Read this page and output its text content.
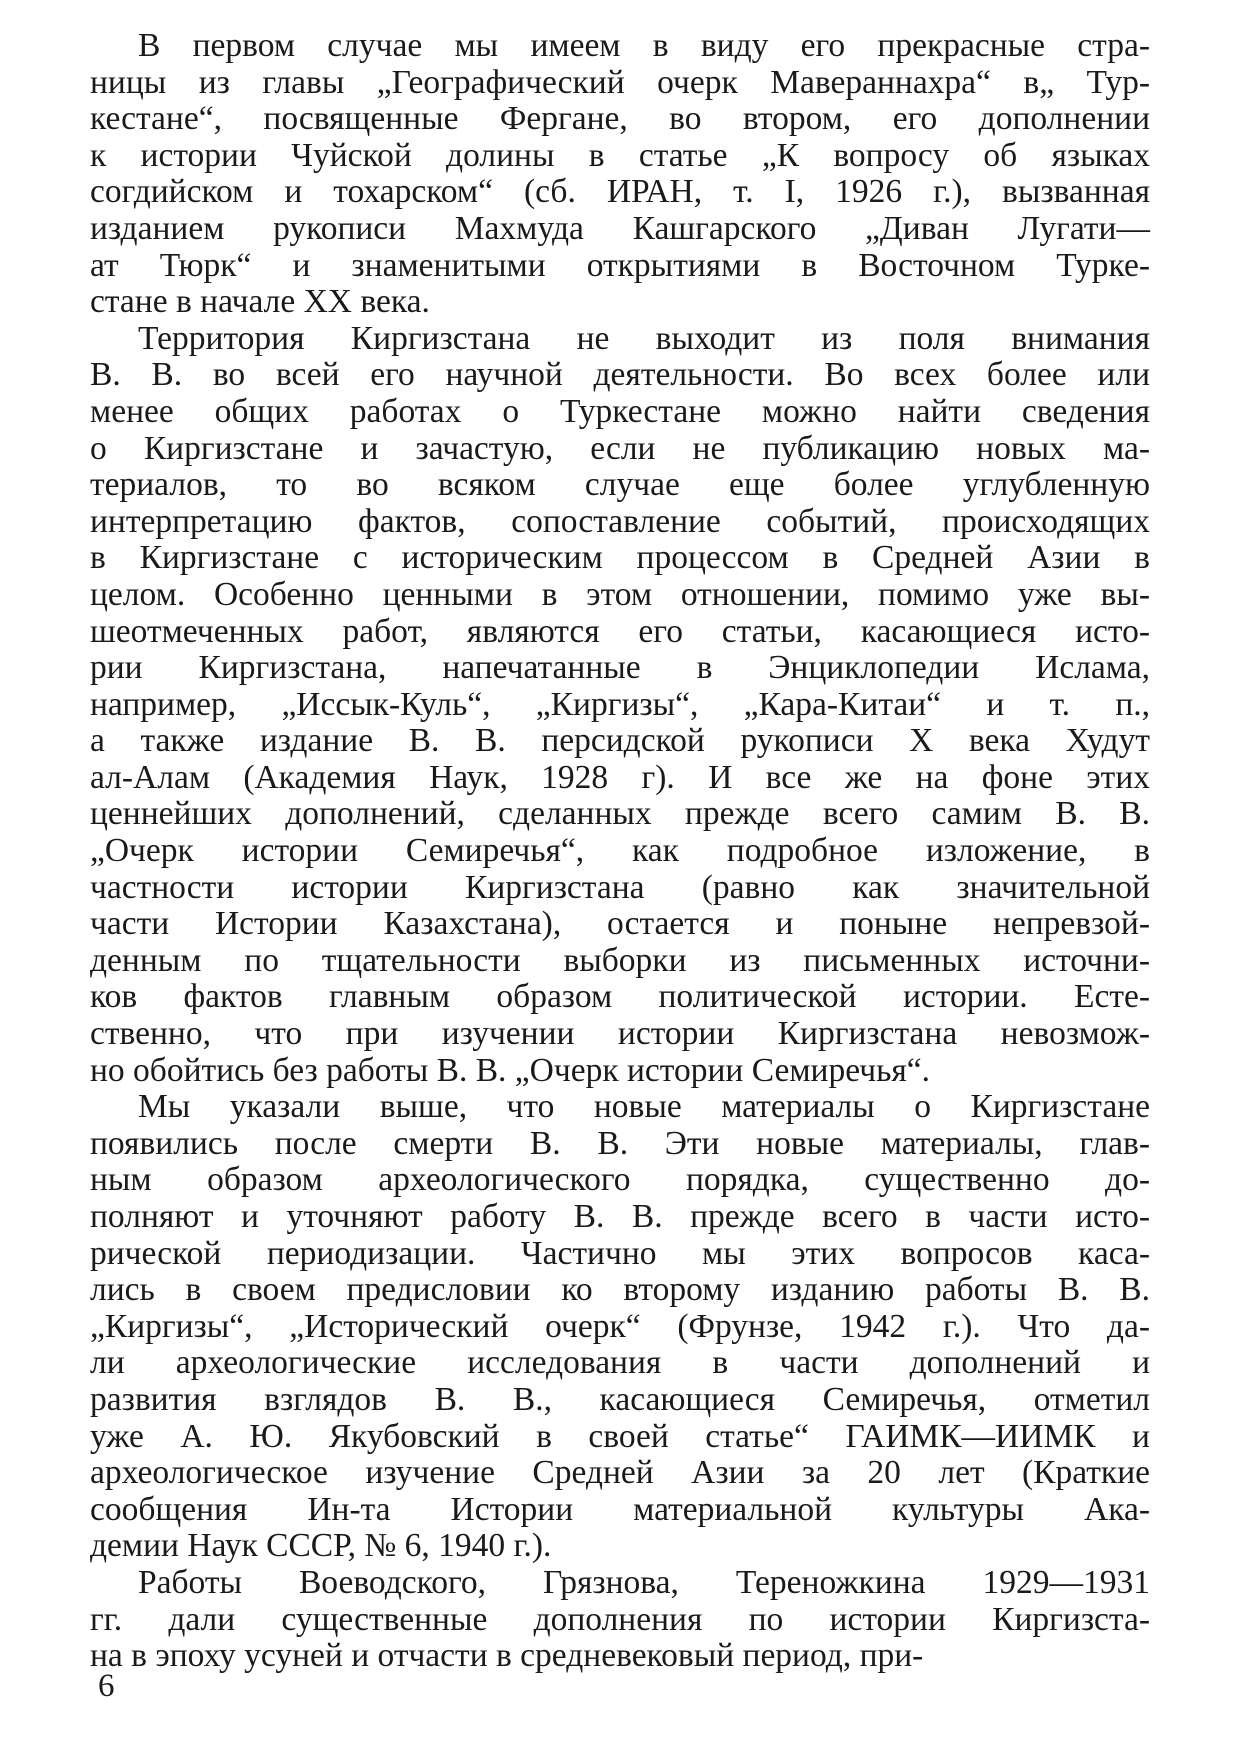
В первом случае мы имеем в виду его прекрасные стра-
ницы из главы „Географический очерк Мавераннахра“ в„ Тур-
кестане“, посвященные Фергане, во втором, его дополнении
к истории Чуйской долины в статье „К вопросу об языках
согдийском и тохарском“ (сб. ИРАН, т. I, 1926 г.), вызванная
изданием рукописи Махмуда Кашгарского „Диван Лугати—
ат Тюрк“ и знаменитыми открытиями в Восточном Турке-
стане в начале XX века.
Территория Киргизстана не выходит из поля внимания
В. В. во всей его научной деятельности. Во всех более или
менее общих работах о Туркестане можно найти сведения
о Киргизстане и зачастую, если не публикацию новых ма-
териалов, то во всяком случае еще более углубленную
интерпретацию фактов, сопоставление событий, происходящих
в Киргизстане с историческим процессом в Средней Азии в
целом. Особенно ценными в этом отношении, помимо уже вы-
шеотмеченных работ, являются его статьи, касающиеся исто-
рии Киргизстана, напечатанные в Энциклопедии Ислама,
например, „Иссык-Куль“, „Киргизы“, „Кара-Китаи“ и т. п.,
а также издание В. В. персидской рукописи X века Худут
ал-Алам (Академия Наук, 1928 г). И все же на фоне этих
ценнейших дополнений, сделанных прежде всего самим В. В.
„Очерк истории Семиречья“, как подробное изложение, в
частности истории Киргизстана (равно как значительной
части Истории Казахстана), остается и поныне непревзой-
денным по тщательности выборки из письменных источни-
ков фактов главным образом политической истории. Есте-
ственно, что при изучении истории Киргизстана невозмож-
но обойтись без работы В. В. „Очерк истории Семиречья“.
Мы указали выше, что новые материалы о Киргизстане
появились после смерти В. В. Эти новые материалы, глав-
ным образом археологического порядка, существенно до-
полняют и уточняют работу В. В. прежде всего в части исто-
рической периодизации. Частично мы этих вопросов каса-
лись в своем предисловии ко второму изданию работы В. В.
„Киргизы“, „Исторический очерк“ (Фрунзе, 1942 г.). Что да-
ли археологические исследования в части дополнений и
развития взглядов В. В., касающиеся Семиречья, отметил
уже А. Ю. Якубовский в своей статье“ ГАИМК—ИИМК и
археологическое изучение Средней Азии за 20 лет (Краткие
сообщения Ин-та Истории материальной культуры Ака-
демии Наук СССР, № 6, 1940 г.).
Работы Воеводского, Грязнова, Тереножкина 1929—1931
гг. дали существенные дополнения по истории Киргизста-
на в эпоху усуней и отчасти в средневековый период, при-
6
